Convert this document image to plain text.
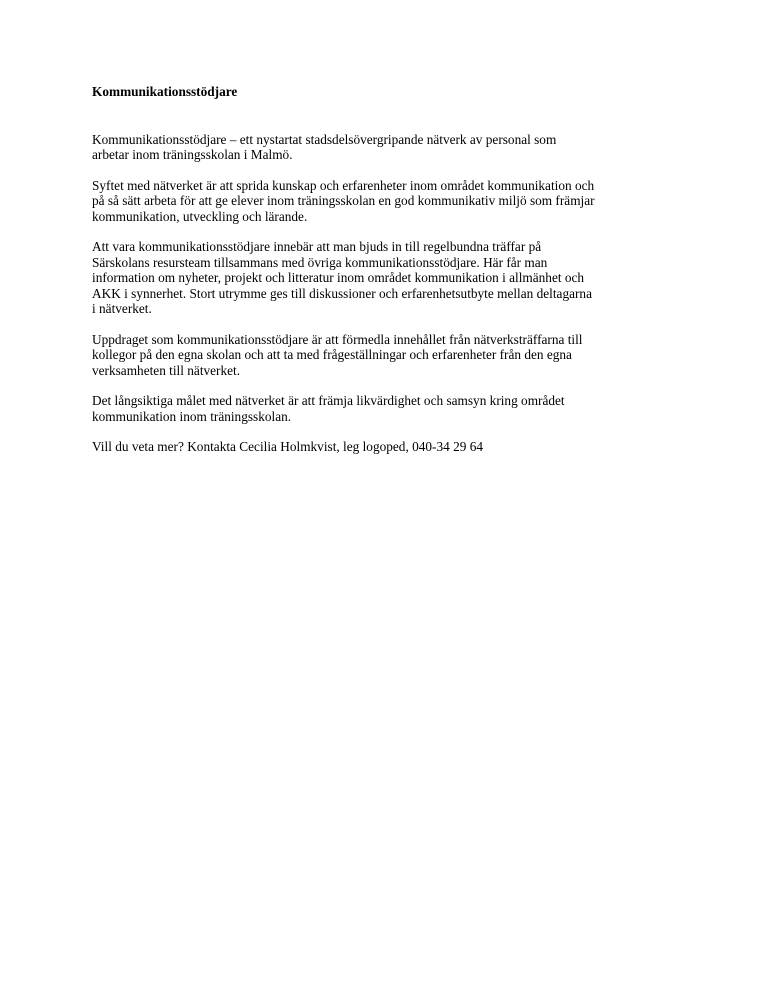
Kommunikationsstödjare

Kommunikationsstödjare – ett nystartat stadsdelsövergripande nätverk av personal som
arbetar inom träningsskolan i Malmö.
Syftet med nätverket är att sprida kunskap och erfarenheter inom området kommunikation och
på så sätt arbeta för att ge elever inom träningsskolan en god kommunikativ miljö som främjar
kommunikation, utveckling och lärande.
Att vara kommunikationsstödjare innebär att man bjuds in till regelbundna träffar på
Särskolans resursteam tillsammans med övriga kommunikationsstödjare. Här får man
information om nyheter, projekt och litteratur inom området kommunikation i allmänhet och
AKK i synnerhet. Stort utrymme ges till diskussioner och erfarenhetsutbyte mellan deltagarna
i nätverket.
Uppdraget som kommunikationsstödjare är att förmedla innehållet från nätverksträffarna till
kollegor på den egna skolan och att ta med frågeställningar och erfarenheter från den egna
verksamheten till nätverket.
Det långsiktiga målet med nätverket är att främja likvärdighet och samsyn kring området
kommunikation inom träningsskolan.
Vill du veta mer? Kontakta Cecilia Holmkvist, leg logoped, 040-34 29 64
